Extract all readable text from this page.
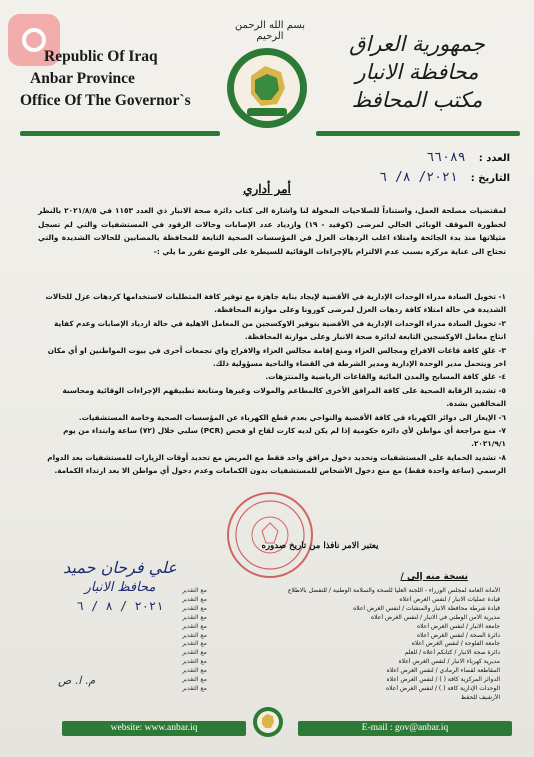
Republic Of Iraq
Anbar Province
Office Of The Governor`s
بسم الله الرحمن الرحيم	جمهورية العراق
محافظة الانبار
مكتب المحافظ
العدد : ٦٦٠٨٩
التاريخ : ٢٠٢١/ ٨/ ٦
أمر أداري

لمقتضيات مصلحة العمل، واستناداً للصلاحيات المخولة لنا واشارة الى كتاب دائرة صحة الانبار ذي العدد ١١٥٣ في ٢٠٢١/٨/٥ بالنظر لخطورة الموقف الوبائي الحالي لمرضى (كوفيد - ١٩) وازدياد عدد الإصابات وحالات الرقود في المستشفيات والتي لم تسجل مثيلاتها منذ بدء الجائحة وامتلاء اغلب الردهات العزل في المؤسسات الصحية التابعة للمحافظة بالمصابين للحالات الشديدة والتي تحتاج الى عناية مركزه بسبب عدم الالتزام بالإجراءات الوقائية للسيطرة على الوضع تقرر ما يلي :-

١- تخويل السادة مدراء الوحدات الإدارية في الأقضية لإيجاد بناية جاهزة مع توفير كافة المتطلبات لاستخدامها كردهات عزل للحالات الشديدة في حالة امتلاء كافة ردهات العزل لمرضى كورونا وعلى موازنة المحافظة.

٢- تخويل السادة مدراء الوحدات الإدارية في الأقضية بتوفير الاوكسجين من المعامل الاهلية في حالة ازدياد الإصابات وعدم كفاية انتاج معامل الاوكسجين التابعة لدائرة صحة الانبار وعلى موازنة المحافظة.

٣- غلق كافة قاعات الافراح ومجالس العزاء ومنع إقامة مجالس العزاء والافراح واي تجمعات أخرى في بيوت المواطنين او أي مكان اخر ويتحمل مدير الوحدة الإدارية ومدير الشرطة في القضاء والناحية مسؤولية ذلك.

٤- غلق كافة المسابح والمدن المائية والقاعات الرياضية والمنتزهات.

٥- تشديد الرقابة الصحية على كافة المرافق الأخرى كالمطاعم والمولات وغيرها ومتابعة تطبيقهم الإجراءات الوقائية ومحاسبة المخالفين بشدة.

٦- الإيعاز الى دوائر الكهرباء في كافة الأقضية والنواحي بعدم قطع الكهرباء عن المؤسسات الصحية وخاصة المستشفيات.

٧- منع مراجعة أي مواطن لأي دائرة حكومية إذا لم يكن لديه كارت لقاح او فحص (PCR) سلبي خلال (٧٢) ساعة وابتداء من يوم ٢٠٢١/٩/١.

٨- تشديد الحماية على المستشفيات وتحديد دخول مرافق واحد فقط مع المريض مع تحديد أوقات الزيارات للمستشفيات بعد الدوام الرسمي (ساعة واحدة فقط) مع منع دخول الأشخاص للمستشفيات بدون الكمامات وعدم دخول أي مواطن الا بعد ارتداء الكمامة.

يعتبر الامر نافذا من تاريخ صدوره
علي فرحان حميد
محافظ الانبار
٢٠٢١ / ٨ / ٦
نسخة منه إلى /
الأمانة العامة لمجلس الوزراء - اللجنة العليا للصحة والسلامة الوطنية / للتفضل بالاطلاع
مع التقدير
قيادة عمليات الانبار / لنفس الغرض أعلاه
مع التقدير
قيادة شرطة محافظة الانبار والمنشآت / لنفس الغرض أعلاه
مع التقدير
مديرية الامن الوطني في الانبار / لنفس الغرض أعلاه
مع التقدير
جامعة الانبار / لنفس الغرض أعلاه
مع التقدير
دائرة الصحة / لنفس الغرض أعلاه
مع التقدير
جامعة الفلوجة / لنفس الغرض أعلاه
مع التقدير
دائرة صحة الانبار / كتابكم أعلاه / للعلم
مع التقدير
مديرية كهرباء الانبار / لنفس الغرض أعلاه
مع التقدير
المقاطعة لقضاء الرمادي / لنفس الغرض أعلاه
مع التقدير
الدوائر المركزية كافة ( ) / لنفس الغرض أعلاه
مع التقدير
الوحدات الإدارية كافة ( ) / لنفس الغرض أعلاه
مع التقدير
الأرشيف للحفظ
م. ا. ص
website: www.anbar.iq	E-mail : gov@anbar.iq
